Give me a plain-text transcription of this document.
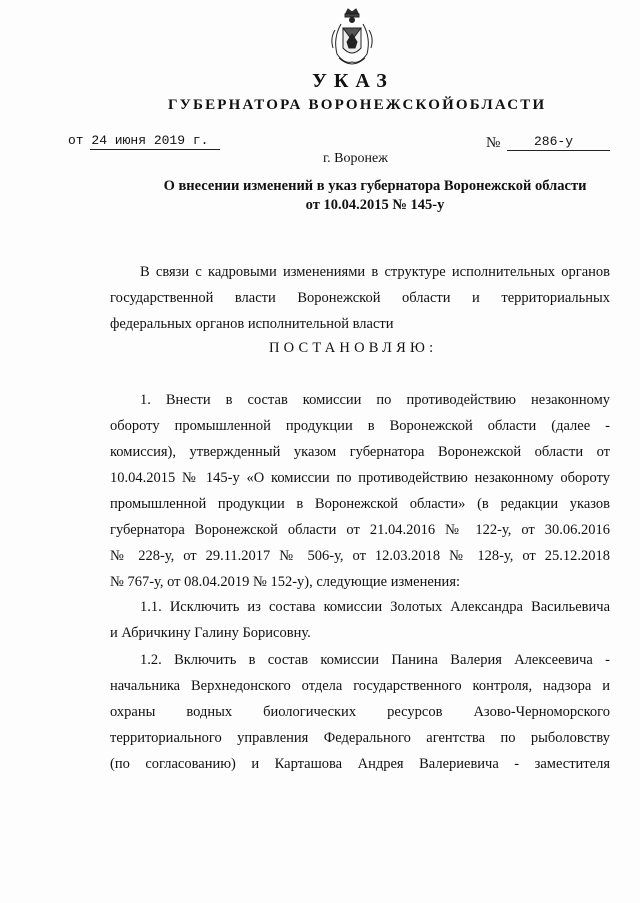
УКАЗ
ГУБЕРНАТОРА ВОРОНЕЖСКОЙОБЛАСТИ
от 24 июня 2019 г.	№	286-у
г. Воронеж
О внесении изменений в указ губернатора Воронежской области
от 10.04.2015 № 145-у
В связи с кадровыми изменениями в структуре исполнительных органов
государственной власти Воронежской области и территориальных
федеральных органов исполнительной власти
ПОСТАНОВЛЯЮ:
1. Внести в состав комиссии по противодействию незаконному
обороту промышленной продукции в Воронежской области (далее -
комиссия), утвержденный указом губернатора Воронежской области от
10.04.2015 № 145-у «О комиссии по противодействию незаконному обороту
промышленной продукции в Воронежской области» (в редакции указов
губернатора Воронежской области от 21.04.2016 № 122-у, от 30.06.2016
№ 228-у, от 29.11.2017 № 506-у, от 12.03.2018 № 128-у, от 25.12.2018
№ 767-у, от 08.04.2019 № 152-у), следующие изменения:
1.1. Исключить из состава комиссии Золотых Александра Васильевича
и Абричкину Галину Борисовну.
1.2. Включить в состав комиссии Панина Валерия Алексеевича -
начальника Верхнедонского отдела государственного контроля, надзора и
охраны водных биологических ресурсов Азово-Черноморского
территориального управления Федерального агентства по рыболовству
(по согласованию) и Карташова Андрея Валериевича - заместителя
